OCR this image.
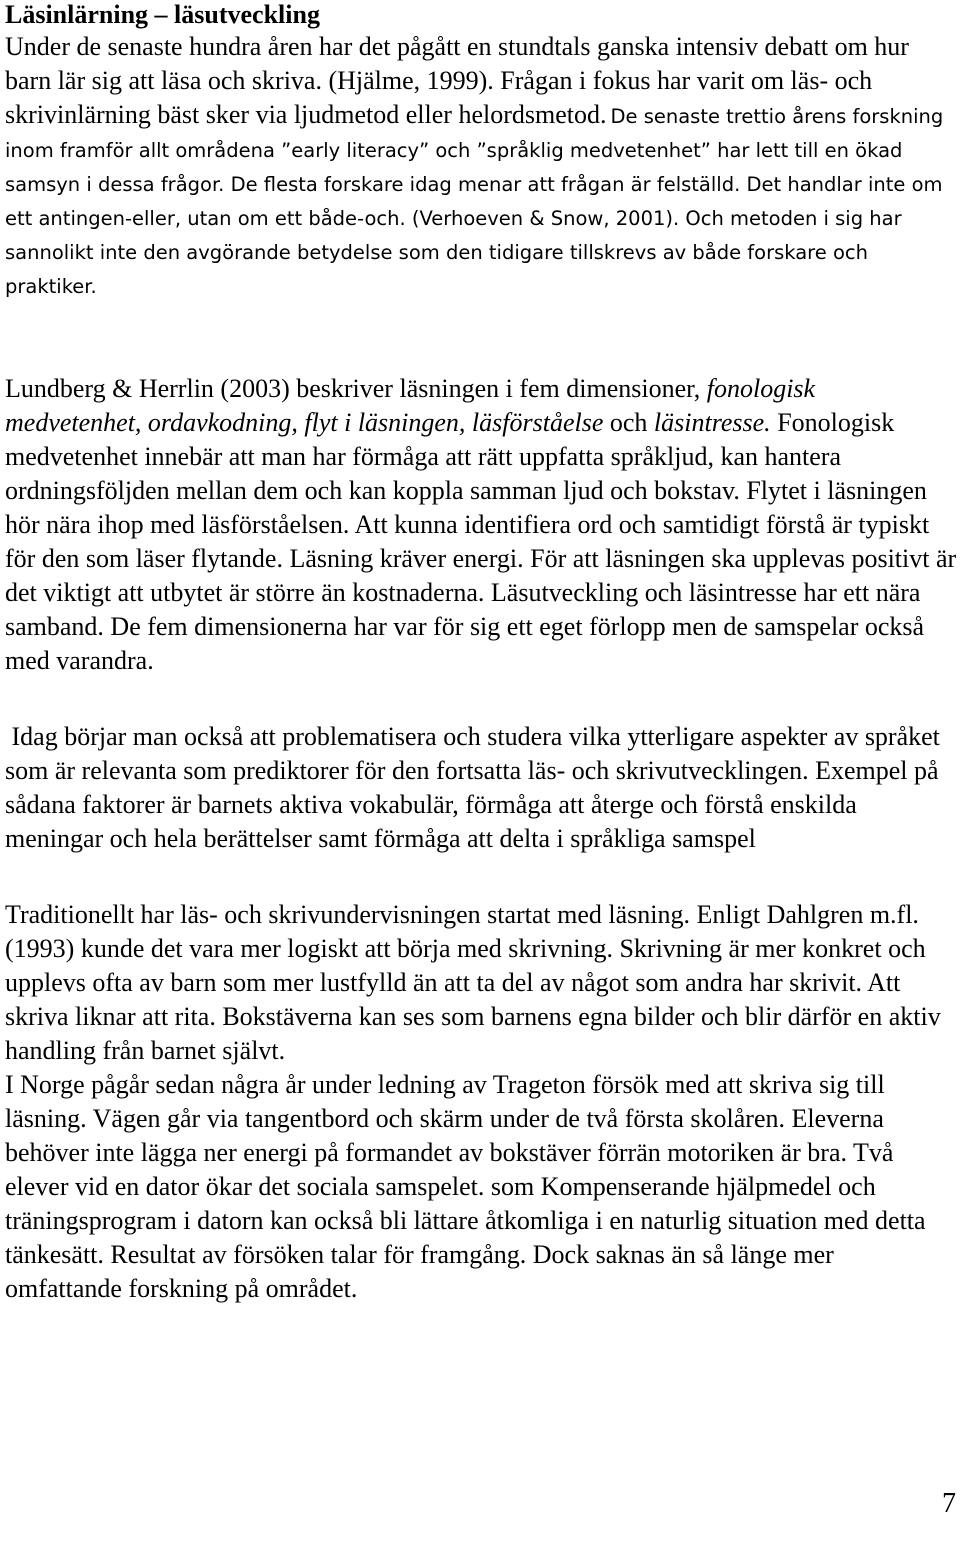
Läsinlärning – läsutveckling

Under de senaste hundra åren har det pågått en stundtals ganska intensiv debatt om hur barn lär sig att läsa och skriva. (Hjälme, 1999). Frågan i fokus har varit om läs- och skrivinlärning bäst sker via ljudmetod eller helordsmetod.

De senaste trettio årens forskning inom framför allt områdena ”early literacy” och ”språklig medvetenhet” har lett till en ökad samsyn i dessa frågor. De flesta forskare idag menar att frågan är felställd. Det handlar inte om ett antingen-eller, utan om ett både-och. (Verhoeven & Snow, 2001). Och metoden i sig har sannolikt inte den avgörande betydelse som den tidigare tillskrevs av både forskare och praktiker.

Lundberg & Herrlin (2003) beskriver läsningen i fem dimensioner, fonologisk medvetenhet, ordavkodning, flyt i läsningen, läsförståelse och läsintresse. Fonologisk medvetenhet innebär att man har förmåga att rätt uppfatta språkljud, kan hantera ordningsföljden mellan dem och kan koppla samman ljud och bokstav. Flytet i läsningen hör nära ihop med läsförståelsen. Att kunna identifiera ord och samtidigt förstå är typiskt för den som läser flytande. Läsning kräver energi. För att läsningen ska upplevas positivt är det viktigt att utbytet är större än kostnaderna. Läsutveckling och läsintresse har ett nära samband. De fem dimensionerna har var för sig ett eget förlopp men de samspelar också med varandra.

Idag börjar man också att problematisera och studera vilka ytterligare aspekter av språket som är relevanta som prediktorer för den fortsatta läs- och skrivutvecklingen. Exempel på sådana faktorer är barnets aktiva vokabulär, förmåga att återge och förstå enskilda meningar och hela berättelser samt förmåga att delta i språkliga samspel

Traditionellt har läs- och skrivundervisningen startat med läsning. Enligt Dahlgren m.fl. (1993) kunde det vara mer logiskt att börja med skrivning. Skrivning är mer konkret och upplevs ofta av barn som mer lustfylld än att ta del av något som andra har skrivit. Att skriva liknar att rita. Bokstäverna kan ses som barnens egna bilder och blir därför en aktiv handling från barnet självt.

I Norge pågår sedan några år under ledning av Trageton försök med att skriva sig till läsning. Vägen går via tangentbord och skärm under de två första skolåren. Eleverna behöver inte lägga ner energi på formandet av bokstäver förrän motoriken är bra. Två elever vid en dator ökar det sociala samspelet. som Kompenserande hjälpmedel och träningsprogram i datorn kan också bli lättare åtkomliga i en naturlig situation med detta tänkesätt. Resultat av försöken talar för framgång. Dock saknas än så länge mer omfattande forskning på området.

7
